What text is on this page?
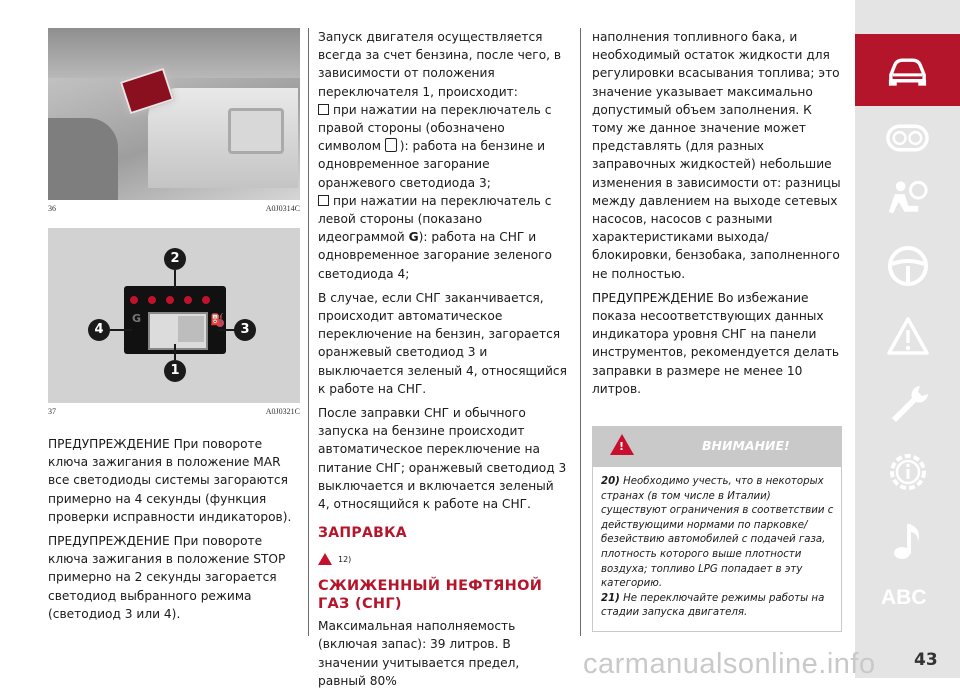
36	A0J0314C
G	⛽
2
4	3
1
37	A0J0321C

ПРЕДУПРЕЖДЕНИЕ При повороте ключа зажигания в положение MAR все светодиоды системы загораются примерно на 4 секунды (функция проверки исправности индикаторов).

ПРЕДУПРЕЖДЕНИЕ При повороте ключа зажигания в положение STOP примерно на 2 секунды загорается светодиод выбранного режима (светодиод 3 или 4).

Запуск двигателя осуществляется всегда за счет бензина, после чего, в зависимости от положения переключателя 1, происходит:

при нажатии на переключатель с правой стороны (обозначено символом ): работа на бензине и одновременное загорание оранжевого светодиода 3;

при нажатии на переключатель с левой стороны (показано идеограммой G): работа на СНГ и одновременное загорание зеленого светодиода 4;

В случае, если СНГ заканчивается, происходит автоматическое переключение на бензин, загорается оранжевый светодиод 3 и выключается зеленый 4, относящийся к работе на СНГ.

После заправки СНГ и обычного запуска на бензине происходит автоматическое переключение на питание СНГ; оранжевый светодиод 3 выключается и включается зеленый 4, относящийся к работе на СНГ.

ЗАПРАВКА
12)
СЖИЖЕННЫЙ НЕФТЯНОЙ ГАЗ (СНГ)

Максимальная наполняемость (включая запас): 39 литров. В значении учитывается предел, равный 80%

наполнения топливного бака, и необходимый остаток жидкости для регулировки всасывания топлива; это значение указывает максимально допустимый объем заполнения. К тому же данное значение может представлять (для разных заправочных жидкостей) небольшие изменения в зависимости от: разницы между давлением на выходе сетевых насосов, насосов с разными характеристиками выхода/блокировки, бензобака, заполненного не полностью.

ПРЕДУПРЕЖДЕНИЕ Во избежание показа несоответствующих данных индикатора уровня СНГ на панели инструментов, рекомендуется делать заправки в размере не менее 10 литров.

!	ВНИМАНИЕ!

20) Необходимо учесть, что в некоторых странах (в том числе в Италии) существуют ограничения в соответствии с действующими нормами по парковке/безействию автомобилей с подачей газа, плотность которого выше плотности воздуха; топливо LPG попадает в эту категорию.

21) Не переключайте режимы работы на стадии запуска двигателя.

ABC
carmanualsonline.info 43
